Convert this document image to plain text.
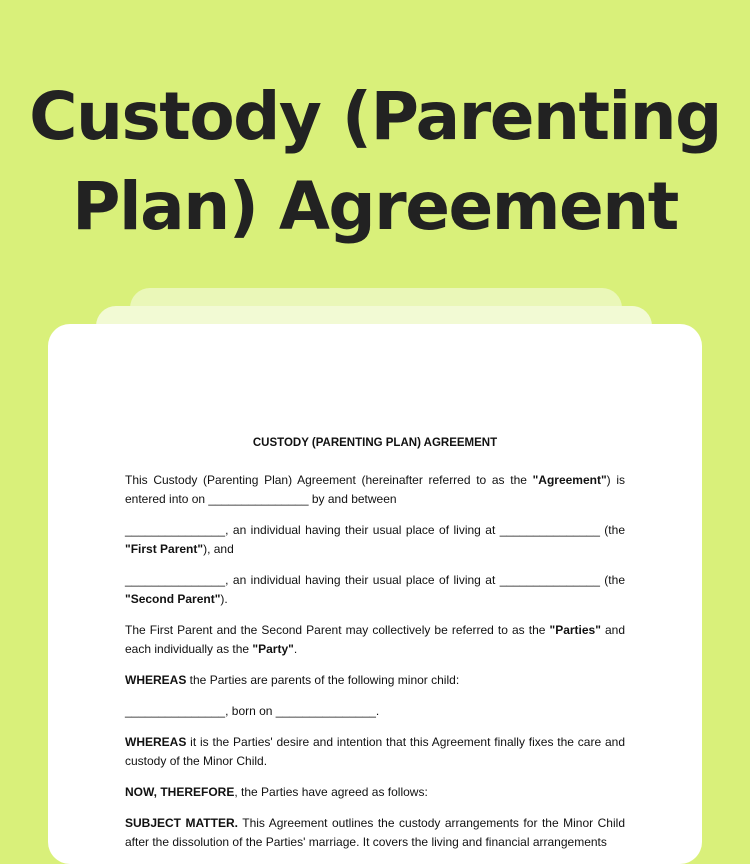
Custody (Parenting
Plan) Agreement
CUSTODY (PARENTING PLAN) AGREEMENT

This Custody (Parenting Plan) Agreement (hereinafter referred to as the "Agreement") is entered into on _______________ by and between

_______________, an individual having their usual place of living at _______________ (the "First Parent"), and

_______________, an individual having their usual place of living at _______________ (the "Second Parent").

The First Parent and the Second Parent may collectively be referred to as the "Parties" and each individually as the "Party".

WHEREAS the Parties are parents of the following minor child:

_______________, born on _______________.

WHEREAS it is the Parties' desire and intention that this Agreement finally fixes the care and custody of the Minor Child.

NOW, THEREFORE, the Parties have agreed as follows:

SUBJECT MATTER. This Agreement outlines the custody arrangements for the Minor Child after the dissolution of the Parties' marriage. It covers the living and financial arrangements
